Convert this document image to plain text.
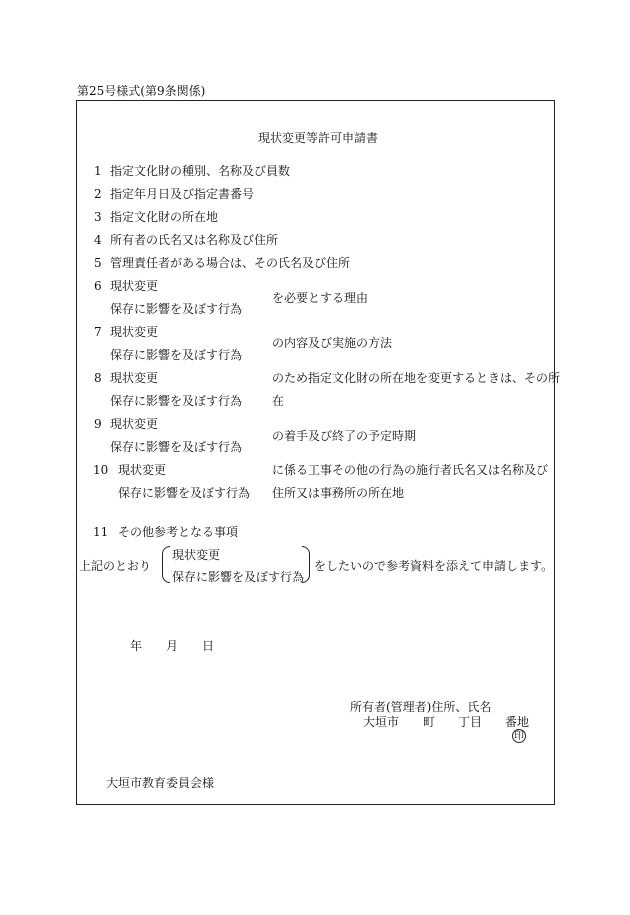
第25号様式(第9条関係)
現状変更等許可申請書
1 指定文化財の種別、名称及び員数
2 指定年月日及び指定書番号
3 指定文化財の所在地
4 所有者の氏名又は名称及び住所
5 管理責任者がある場合は、その氏名及び住所
6 現状変更
保存に影響を及ぼす行為
を必要とする理由
7 現状変更
保存に影響を及ぼす行為
の内容及び実施の方法
8 現状変更
保存に影響を及ぼす行為
のため指定文化財の所在地を変更するときは、その所
在
9 現状変更
保存に影響を及ぼす行為
の着手及び終了の予定時期
10 現状変更
保存に影響を及ぼす行為
に係る工事その他の行為の施行者氏名又は名称及び
住所又は事務所の所在地
11 その他参考となる事項
上記のとおり
現状変更
保存に影響を及ぼす行為
をしたいので参考資料を添えて申請します。
年 月 日
所有者(管理者)住所、氏名
大垣市 町 丁目 番地
印
大垣市教育委員会様
